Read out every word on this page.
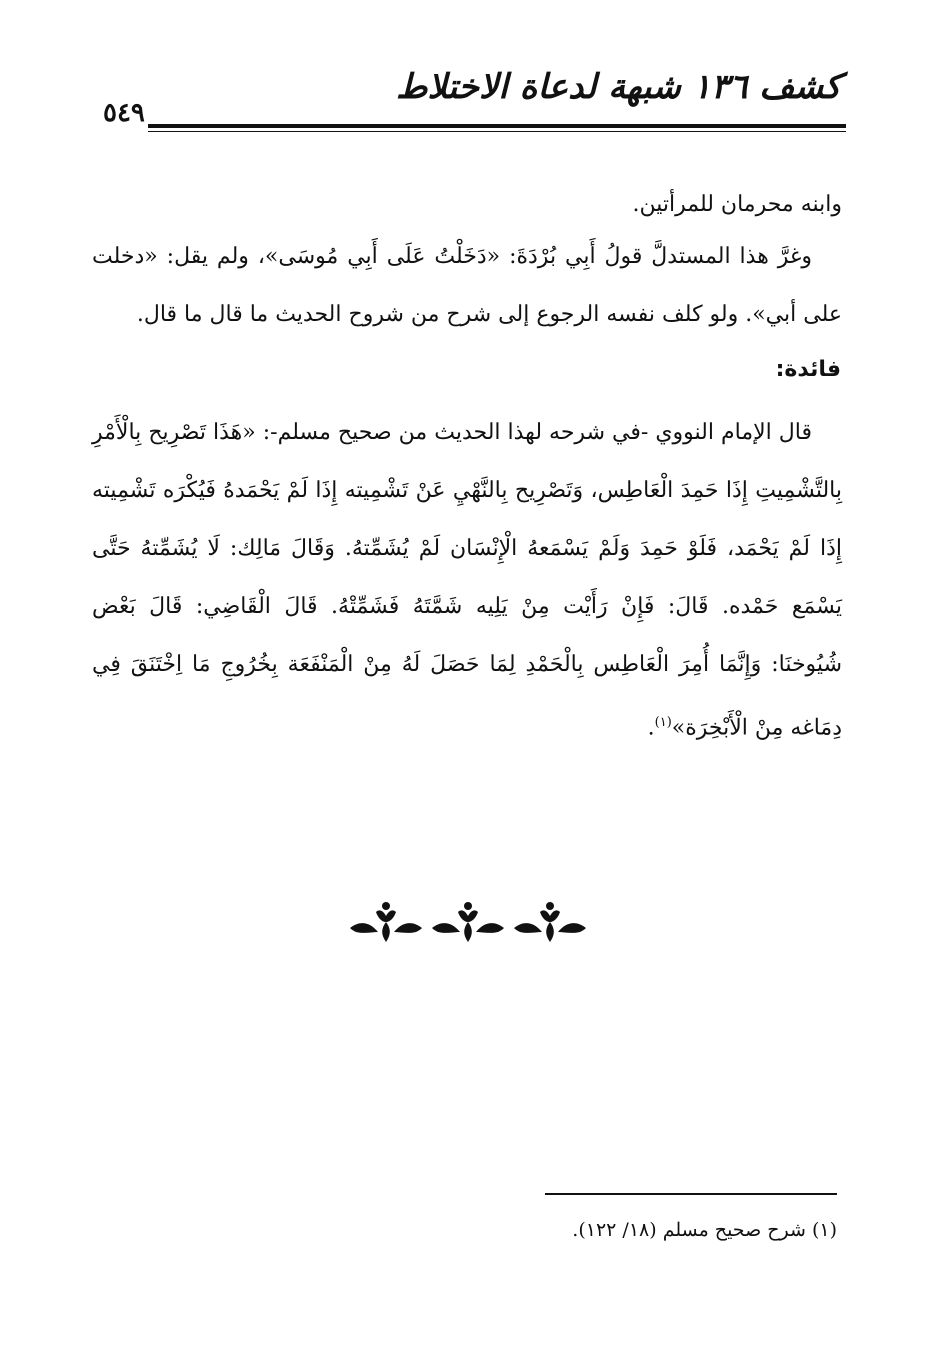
كشف ١٣٦ شبهة لدعاة الاختلاط
٥٤٩
وابنه محرمان للمرأتين.
وغرَّ هذا المستدلَّ قولُ أَبِي بُرْدَةَ: «دَخَلْتُ عَلَى أَبِي مُوسَى»، ولم يقل: «دخلت على أبي». ولو كلف نفسه الرجوع إلى شرح من شروح الحديث ما قال ما قال.
فائدة:
قال الإمام النووي -في شرحه لهذا الحديث من صحيح مسلم-: «هَذَا تَصْرِيح بِالْأَمْرِ بِالتَّشْمِيتِ إِذَا حَمِدَ الْعَاطِس، وَتَصْرِيح بِالنَّهْيِ عَنْ تَشْمِيته إِذَا لَمْ يَحْمَدهُ فَيُكْرَه تَشْمِيته إِذَا لَمْ يَحْمَد، فَلَوْ حَمِدَ وَلَمْ يَسْمَعهُ الْإِنْسَان لَمْ يُشَمِّتهُ. وَقَالَ مَالِك: لَا يُشَمِّتهُ حَتَّى يَسْمَع حَمْده. قَالَ: فَإِنْ رَأَيْت مِنْ يَلِيه شَمَّتَهُ فَشَمِّتْهُ. قَالَ الْقَاضِي: قَالَ بَعْض شُيُوخنَا: وَإِنَّمَا أُمِرَ الْعَاطِس بِالْحَمْدِ لِمَا حَصَلَ لَهُ مِنْ الْمَنْفَعَة بِخُرُوجِ مَا اِخْتَنَقَ فِي دِمَاغه مِنْ الْأَبْخِرَة»$^{(١)}$.
(١) شرح صحيح مسلم (١٨/ ١٢٢).
